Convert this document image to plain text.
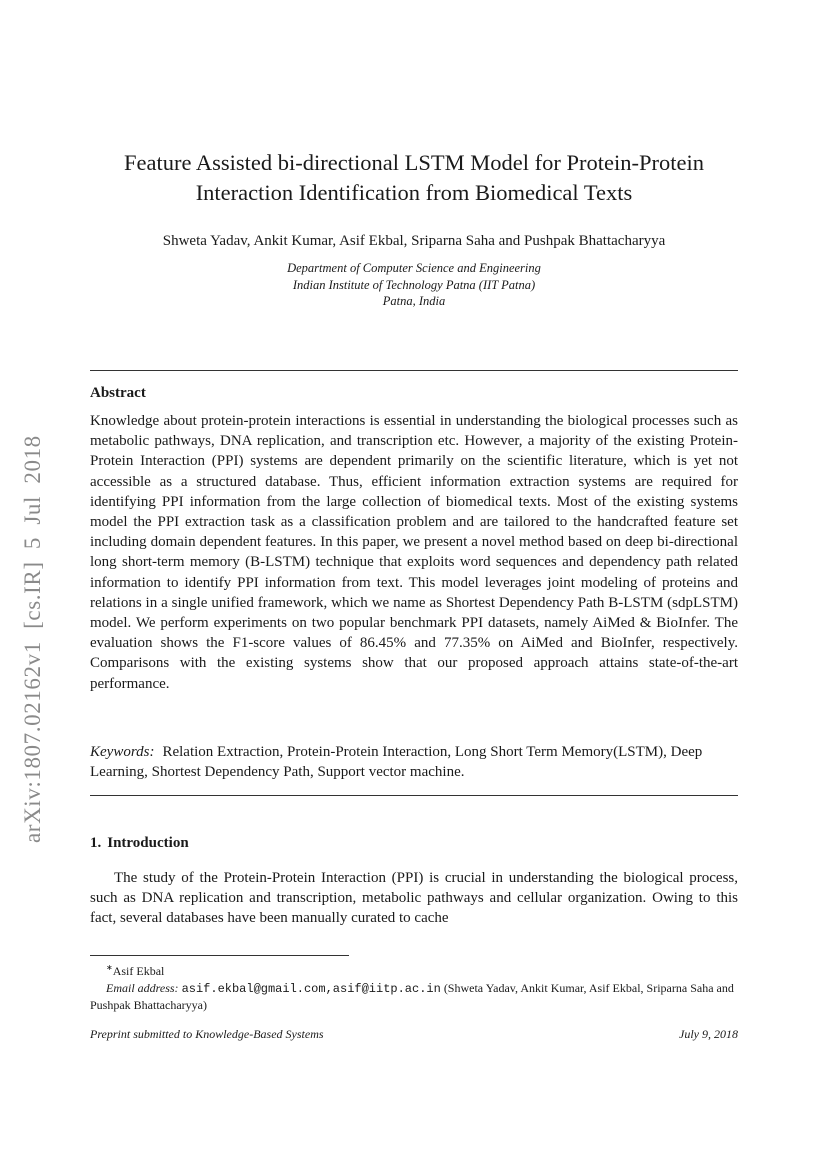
arXiv:1807.02162v1 [cs.IR] 5 Jul 2018
Feature Assisted bi-directional LSTM Model for Protein-Protein
Interaction Identification from Biomedical Texts
Shweta Yadav, Ankit Kumar, Asif Ekbal, Sriparna Saha and Pushpak Bhattacharyya
Department of Computer Science and Engineering
Indian Institute of Technology Patna (IIT Patna)
Patna, India
Abstract
Knowledge about protein-protein interactions is essential in understanding the biological processes such as metabolic pathways, DNA replication, and transcription etc. However, a majority of the existing Protein-Protein Interaction (PPI) systems are dependent primarily on the scientific literature, which is yet not accessible as a structured database. Thus, efficient information extraction systems are required for identifying PPI information from the large collection of biomedical texts. Most of the existing systems model the PPI extraction task as a classification problem and are tailored to the handcrafted feature set including domain dependent features. In this paper, we present a novel method based on deep bi-directional long short-term memory (B-LSTM) technique that exploits word sequences and dependency path related information to identify PPI information from text. This model leverages joint modeling of proteins and relations in a single unified framework, which we name as Shortest Dependency Path B-LSTM (sdpLSTM) model. We perform experiments on two popular benchmark PPI datasets, namely AiMed & BioInfer. The evaluation shows the F1-score values of 86.45% and 77.35% on AiMed and BioInfer, respectively. Comparisons with the existing systems show that our proposed approach attains state-of-the-art performance.
Keywords: Relation Extraction, Protein-Protein Interaction, Long Short Term Memory(LSTM), Deep Learning, Shortest Dependency Path, Support vector machine.
1. Introduction
The study of the Protein-Protein Interaction (PPI) is crucial in understanding the biological process, such as DNA replication and transcription, metabolic pathways and cellular organization. Owing to this fact, several databases have been manually curated to cache
∗Asif Ekbal
Email address: asif.ekbal@gmail.com,asif@iitp.ac.in (Shweta Yadav, Ankit Kumar, Asif Ekbal, Sriparna Saha and Pushpak Bhattacharyya)
Preprint submitted to Knowledge-Based Systems	July 9, 2018
